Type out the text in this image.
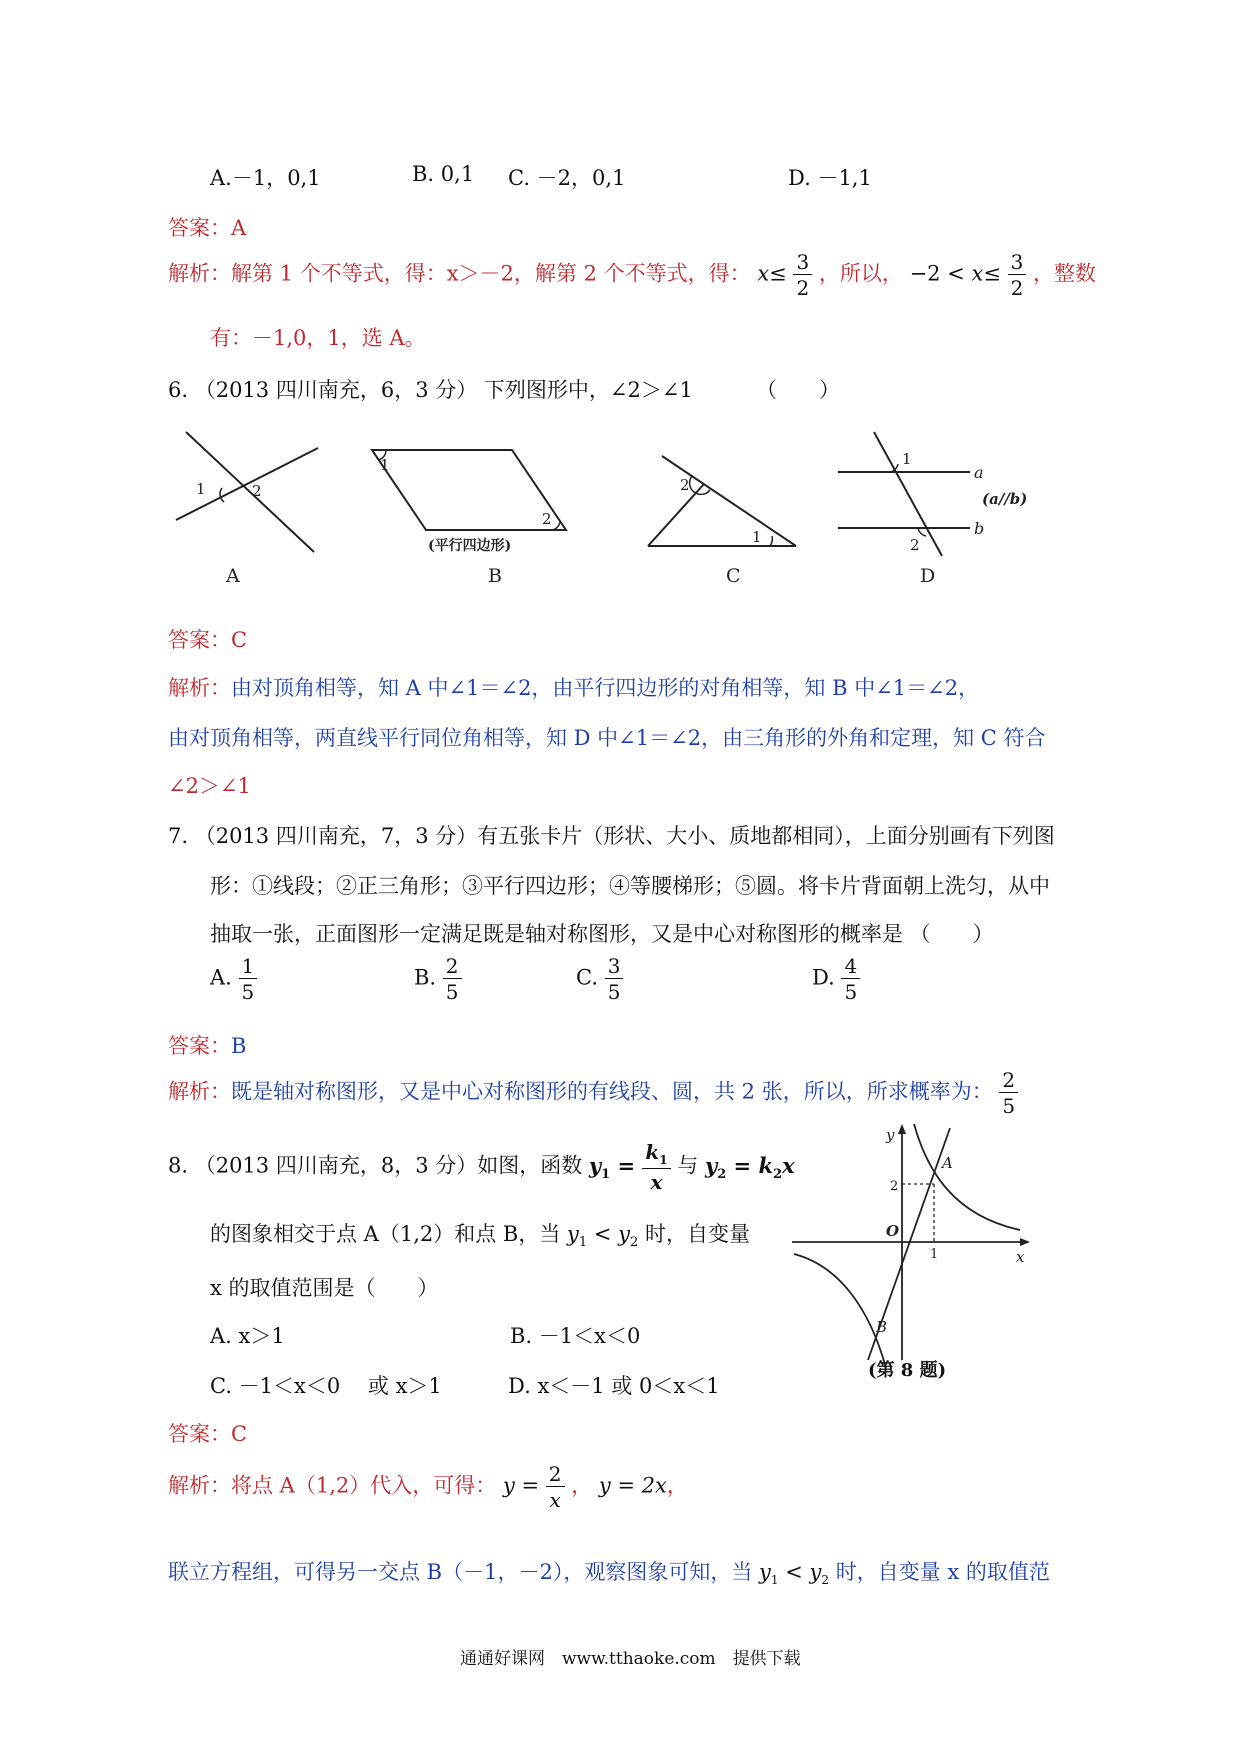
A.－1，0,1	B. 0,1 C. －2，0,1	D. －1,1
答案：A
解析：解第 1 个不等式，得：x＞－2，解第 2 个不等式，得： $x\le \frac{3}{2}$ ，所以， $-2 < x\le \frac{3}{2}$ ，整数
有：－1,0，1，选 A。
6. （2013 四川南充，6，3 分） 下列图形中，∠2＞∠1	（　　）
1	2
1
2
(平行四边形)
2
1
1
2
a
b
(a//b)
A	B	C	D
答案：C
解析：由对顶角相等，知 A 中∠1＝∠2，由平行四边形的对角相等，知 B 中∠1＝∠2，
由对顶角相等，两直线平行同位角相等，知 D 中∠1＝∠2，由三角形的外角和定理，知 C 符合
∠2＞∠1
7. （2013 四川南充，7，3 分）有五张卡片（形状、大小、质地都相同），上面分别画有下列图
形：①线段；②正三角形；③平行四边形；④等腰梯形；⑤圆。将卡片背面朝上洗匀，从中
抽取一张，正面图形一定满足既是轴对称图形，又是中心对称图形的概率是 （　　）
A. $\frac{1}{5}$	B. $\frac{2}{5}$	C. $\frac{3}{5}$	D. $\frac{4}{5}$
答案：B
解析：既是轴对称图形，又是中心对称图形的有线段、圆，共 2 张，所以，所求概率为： $\frac{2}{5}$
8. （2013 四川南充，8，3 分）如图，函数 $y_1 = \frac{k_1}{x}$ 与 $y_2 = k_2x$
的图象相交于点 A（1,2）和点 B，当 $y_1 < y_2$ 时，自变量
x 的取值范围是（　　）
A. x＞1	B. －1＜x＜0
C. －1＜x＜0 　或 x＞1	D. x＜－1 或 0＜x＜1
y
x
O
1
2
A
B
(第 8 题)
答案：C
解析：将点 A（1,2）代入，可得： $y = \frac{2}{x}$ ， y = 2x，
联立方程组，可得另一交点 B（－1，－2），观察图象可知，当 $y_1 < y_2$ 时，自变量 x 的取值范
通通好课网　www.tthaoke.com　提供下载
